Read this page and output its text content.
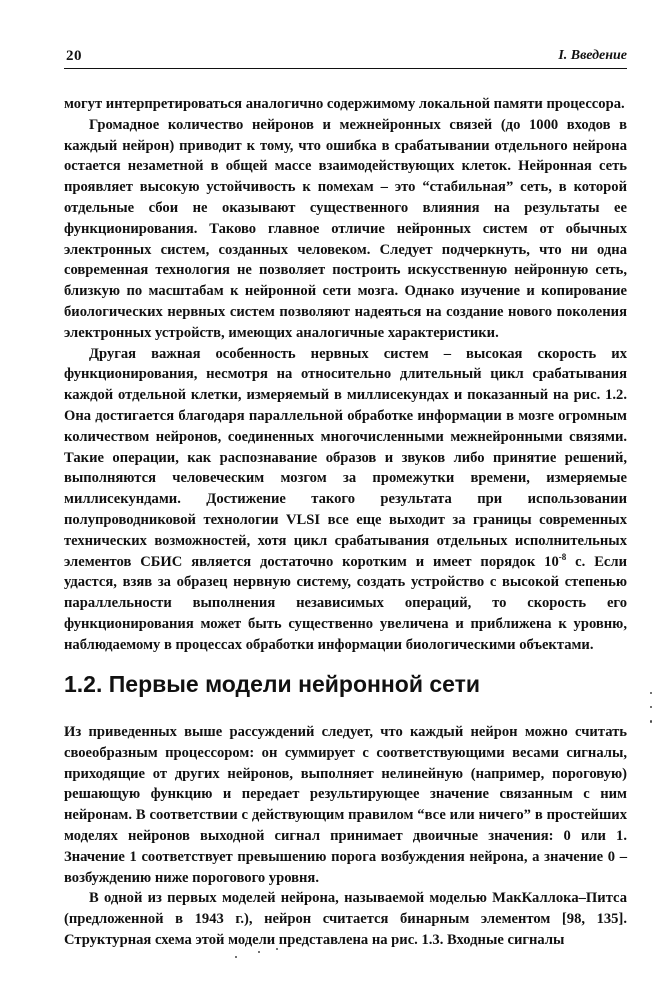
20	I. Введение

могут интерпретироваться аналогично содержимому локальной памяти процессора.

Громадное количество нейронов и межнейронных связей (до 1000 входов в каждый нейрон) приводит к тому, что ошибка в срабатывании отдельного нейрона остается незаметной в общей массе взаимодействующих клеток. Нейронная сеть проявляет высокую устойчивость к помехам – это “стабильная” сеть, в которой отдельные сбои не оказывают существенного влияния на результаты ее функционирования. Таково главное отличие нейронных систем от обычных электронных систем, созданных человеком. Следует подчеркнуть, что ни одна современная технология не позволяет построить искусственную нейронную сеть, близкую по масштабам к нейронной сети мозга. Однако изучение и копирование биологических нервных систем позволяют надеяться на создание нового поколения электронных устройств, имеющих аналогичные характеристики.

Другая важная особенность нервных систем – высокая скорость их функционирования, несмотря на относительно длительный цикл срабатывания каждой отдельной клетки, измеряемый в миллисекундах и показанный на рис. 1.2. Она достигается благодаря параллельной обработке информации в мозге огромным количеством нейронов, соединенных многочисленными межнейронными связями. Такие операции, как распознавание образов и звуков либо принятие решений, выполняются человеческим мозгом за промежутки времени, измеряемые миллисекундами. Достижение такого результата при использовании полупроводниковой технологии VLSI все еще выходит за границы современных технических возможностей, хотя цикл срабатывания отдельных исполнительных элементов СБИС является достаточно коротким и имеет порядок $10^{-8}$ с. Если удастся, взяв за образец нервную систему, создать устройство с высокой степенью параллельности выполнения независимых операций, то скорость его функционирования может быть существенно увеличена и приближена к уровню, наблюдаемому в процессах обработки информации биологическими объектами.

1.2. Первые модели нейронной сети

Из приведенных выше рассуждений следует, что каждый нейрон можно считать своеобразным процессором: он суммирует с соответствующими весами сигналы, приходящие от других нейронов, выполняет нелинейную (например, пороговую) решающую функцию и передает результирующее значение связанным с ним нейронам. В соответствии с действующим правилом “все или ничего” в простейших моделях нейронов выходной сигнал принимает двоичные значения: 0 или 1. Значение 1 соответствует превышению порога возбуждения нейрона, а значение 0 – возбуждению ниже порогового уровня.

В одной из первых моделей нейрона, называемой моделью МакКаллока–Питса (предложенной в 1943 г.), нейрон считается бинарным элементом [98, 135]. Структурная схема этой модели представлена на рис. 1.3. Входные сигналы
